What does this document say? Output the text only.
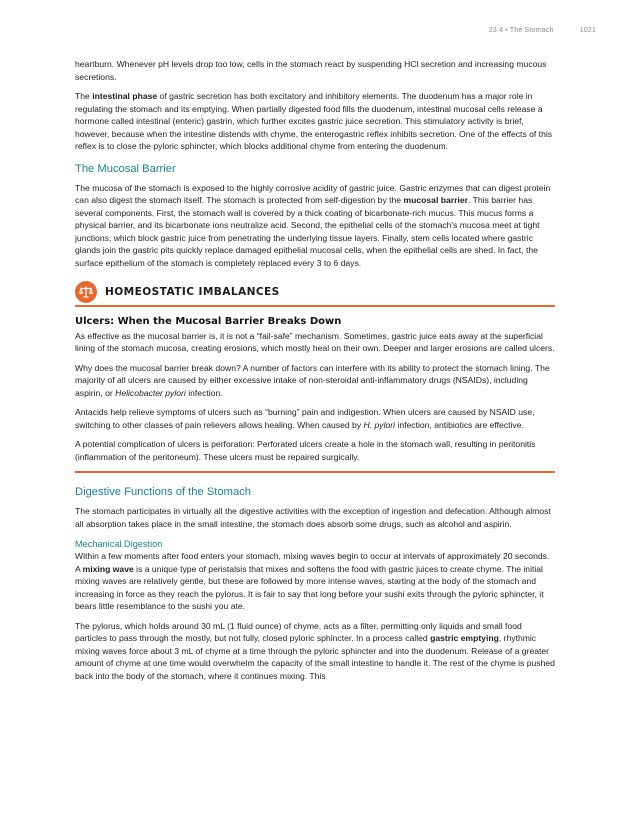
23.4 • The Stomach	1021

heartburn. Whenever pH levels drop too low, cells in the stomach react by suspending HCl secretion and increasing mucous secretions.

The intestinal phase of gastric secretion has both excitatory and inhibitory elements. The duodenum has a major role in regulating the stomach and its emptying. When partially digested food fills the duodenum, intestinal mucosal cells release a hormone called intestinal (enteric) gastrin, which further excites gastric juice secretion. This stimulatory activity is brief, however, because when the intestine distends with chyme, the enterogastric reflex inhibits secretion. One of the effects of this reflex is to close the pyloric sphincter, which blocks additional chyme from entering the duodenum.

The Mucosal Barrier

The mucosa of the stomach is exposed to the highly corrosive acidity of gastric juice. Gastric enzymes that can digest protein can also digest the stomach itself. The stomach is protected from self-digestion by the mucosal barrier. This barrier has several components. First, the stomach wall is covered by a thick coating of bicarbonate-rich mucus. This mucus forms a physical barrier, and its bicarbonate ions neutralize acid. Second, the epithelial cells of the stomach's mucosa meet at tight junctions, which block gastric juice from penetrating the underlying tissue layers. Finally, stem cells located where gastric glands join the gastric pits quickly replace damaged epithelial mucosal cells, when the epithelial cells are shed. In fact, the surface epithelium of the stomach is completely replaced every 3 to 6 days.

HOMEOSTATIC IMBALANCES
Ulcers: When the Mucosal Barrier Breaks Down

As effective as the mucosal barrier is, it is not a “fail-safe” mechanism. Sometimes, gastric juice eats away at the superficial lining of the stomach mucosa, creating erosions, which mostly heal on their own. Deeper and larger erosions are called ulcers.

Why does the mucosal barrier break down? A number of factors can interfere with its ability to protect the stomach lining. The majority of all ulcers are caused by either excessive intake of non-steroidal anti-inflammatory drugs (NSAIDs), including aspirin, or Helicobacter pylori infection.

Antacids help relieve symptoms of ulcers such as “burning” pain and indigestion. When ulcers are caused by NSAID use, switching to other classes of pain relievers allows healing. When caused by H. pylori infection, antibiotics are effective.

A potential complication of ulcers is perforation: Perforated ulcers create a hole in the stomach wall, resulting in peritonitis (inflammation of the peritoneum). These ulcers must be repaired surgically.

Digestive Functions of the Stomach

The stomach participates in virtually all the digestive activities with the exception of ingestion and defecation. Although almost all absorption takes place in the small intestine, the stomach does absorb some drugs, such as alcohol and aspirin.

Mechanical Digestion

Within a few moments after food enters your stomach, mixing waves begin to occur at intervals of approximately 20 seconds. A mixing wave is a unique type of peristalsis that mixes and softens the food with gastric juices to create chyme. The initial mixing waves are relatively gentle, but these are followed by more intense waves, starting at the body of the stomach and increasing in force as they reach the pylorus. It is fair to say that long before your sushi exits through the pyloric sphincter, it bears little resemblance to the sushi you ate.

The pylorus, which holds around 30 mL (1 fluid ounce) of chyme, acts as a filter, permitting only liquids and small food particles to pass through the mostly, but not fully, closed pyloric sphincter. In a process called gastric emptying, rhythmic mixing waves force about 3 mL of chyme at a time through the pyloric sphincter and into the duodenum. Release of a greater amount of chyme at one time would overwhelm the capacity of the small intestine to handle it. The rest of the chyme is pushed back into the body of the stomach, where it continues mixing. This
